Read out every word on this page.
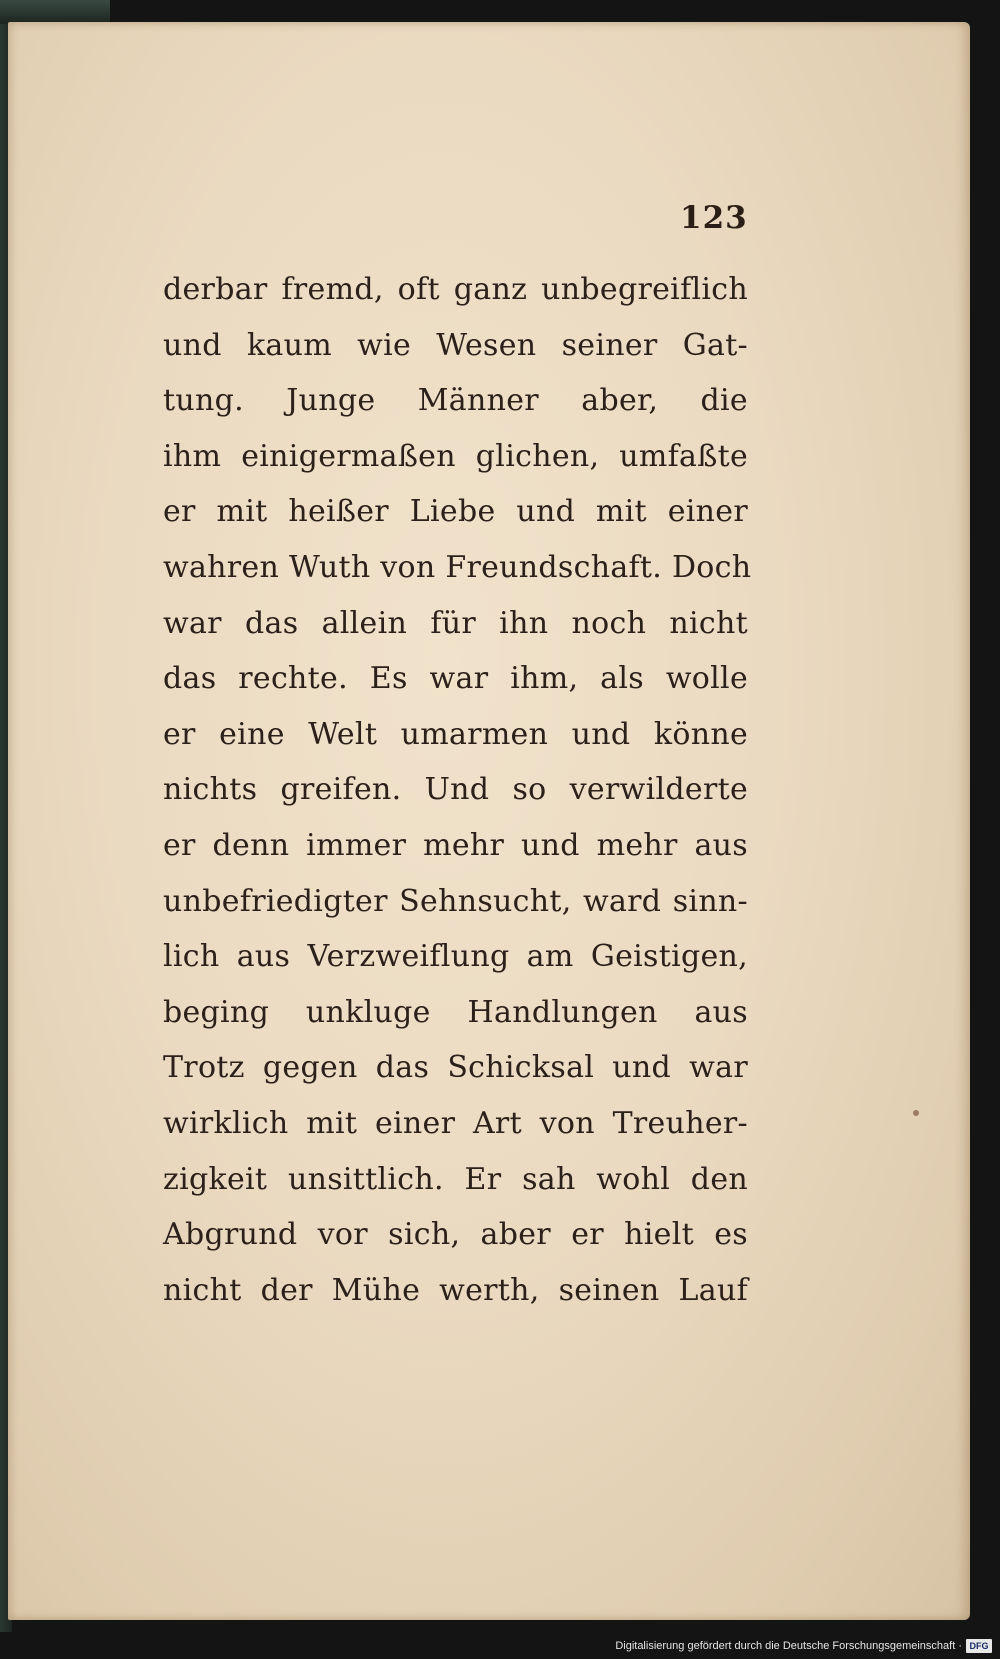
123
derbar fremd, oft ganz unbegreiflich
und kaum wie Wesen seiner Gat-
tung. Junge Männer aber, die
ihm einigermaßen glichen, umfaßte
er mit heißer Liebe und mit einer
wahren Wuth von Freundschaft. Doch
war das allein für ihn noch nicht
das rechte. Es war ihm, als wolle
er eine Welt umarmen und könne
nichts greifen. Und so verwilderte
er denn immer mehr und mehr aus
unbefriedigter Sehnsucht, ward sinn-
lich aus Verzweiflung am Geistigen,
beging unkluge Handlungen aus
Trotz gegen das Schicksal und war
wirklich mit einer Art von Treuher-
zigkeit unsittlich. Er sah wohl den
Abgrund vor sich, aber er hielt es
nicht der Mühe werth, seinen Lauf
Digitalisierung gefördert durch die Deutsche Forschungsgemeinschaft · DFG
